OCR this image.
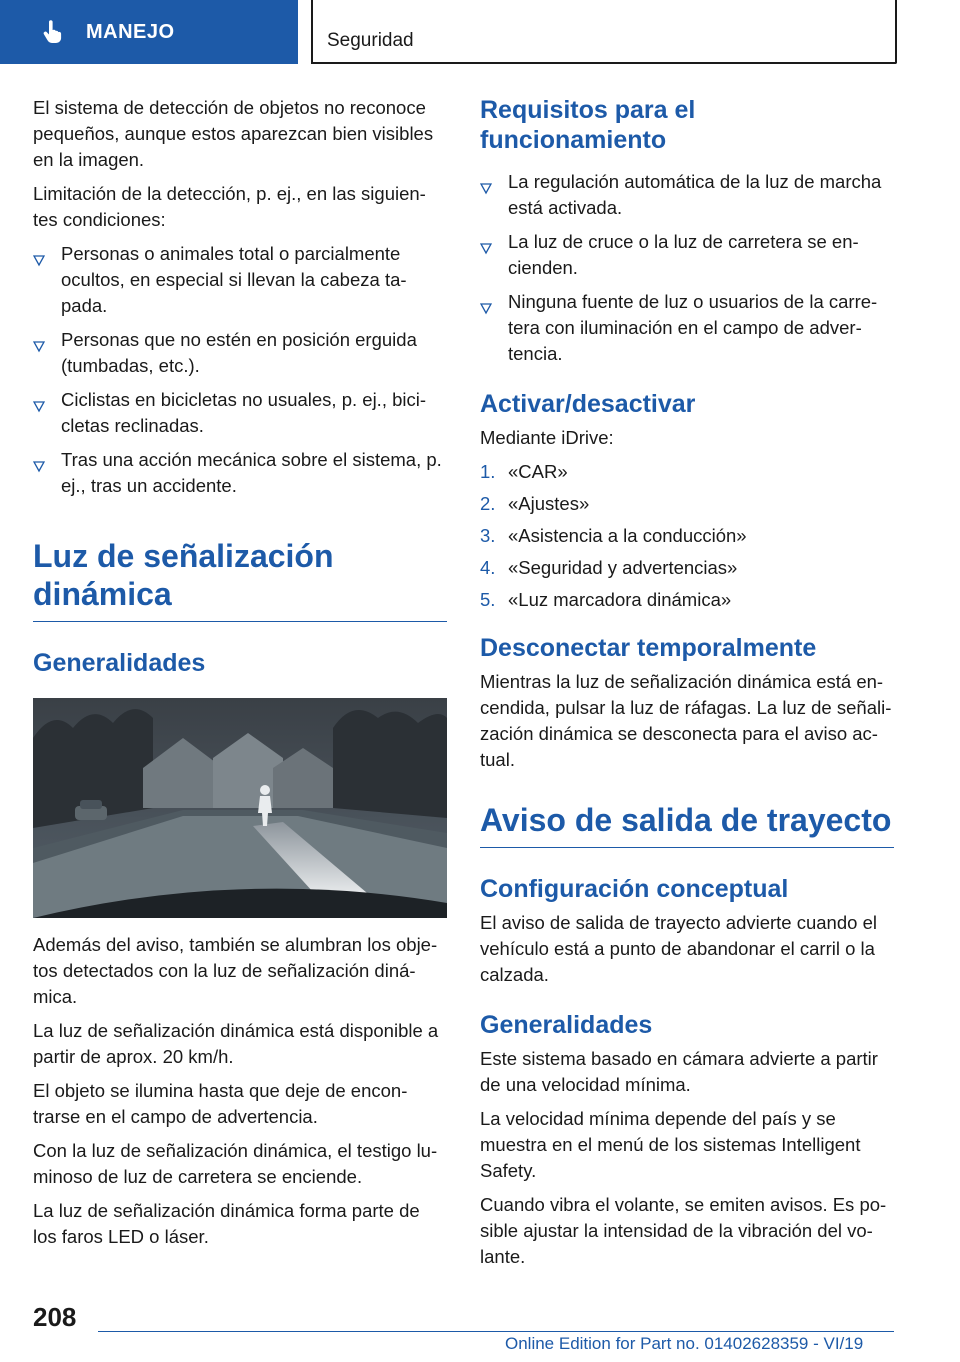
MANEJO	Seguridad

El sistema de detección de objetos no reconoce pequeños, aunque estos aparezcan bien visibles en la imagen.

Limitación de la detección, p. ej., en las siguien‐tes condiciones:

Personas o animales total o parcialmente ocultos, en especial si llevan la cabeza ta‐pada.
Personas que no estén en posición erguida (tumbadas, etc.).
Ciclistas en bicicletas no usuales, p. ej., bici‐cletas reclinadas.
Tras una acción mecánica sobre el sistema, p. ej., tras un accidente.
Luz de señalización dinámica
Generalidades

Además del aviso, también se alumbran los obje‐tos detectados con la luz de señalización diná‐mica.

La luz de señalización dinámica está disponible a partir de aprox. 20 km/h.

El objeto se ilumina hasta que deje de encon‐trarse en el campo de advertencia.

Con la luz de señalización dinámica, el testigo lu‐minoso de luz de carretera se enciende.

La luz de señalización dinámica forma parte de los faros LED o láser.

Requisitos para el funcionamiento
La regulación automática de la luz de marcha está activada.
La luz de cruce o la luz de carretera se en‐cienden.
Ninguna fuente de luz o usuarios de la carre‐tera con iluminación en el campo de adver‐tencia.
Activar/desactivar

Mediante iDrive:

1. «CAR»
2. «Ajustes»
3. «Asistencia a la conducción»
4. «Seguridad y advertencias»
5. «Luz marcadora dinámica»
Desconectar temporalmente

Mientras la luz de señalización dinámica está en‐cendida, pulsar la luz de ráfagas. La luz de señali‐zación dinámica se desconecta para el aviso ac‐tual.

Aviso de salida de trayecto
Configuración conceptual

El aviso de salida de trayecto advierte cuando el vehículo está a punto de abandonar el carril o la calzada.

Generalidades

Este sistema basado en cámara advierte a partir de una velocidad mínima.

La velocidad mínima depende del país y se muestra en el menú de los sistemas Intelligent Safety.

Cuando vibra el volante, se emiten avisos. Es po‐sible ajustar la intensidad de la vibración del vo‐lante.

208
Online Edition for Part no. 01402628359 - VI/19
